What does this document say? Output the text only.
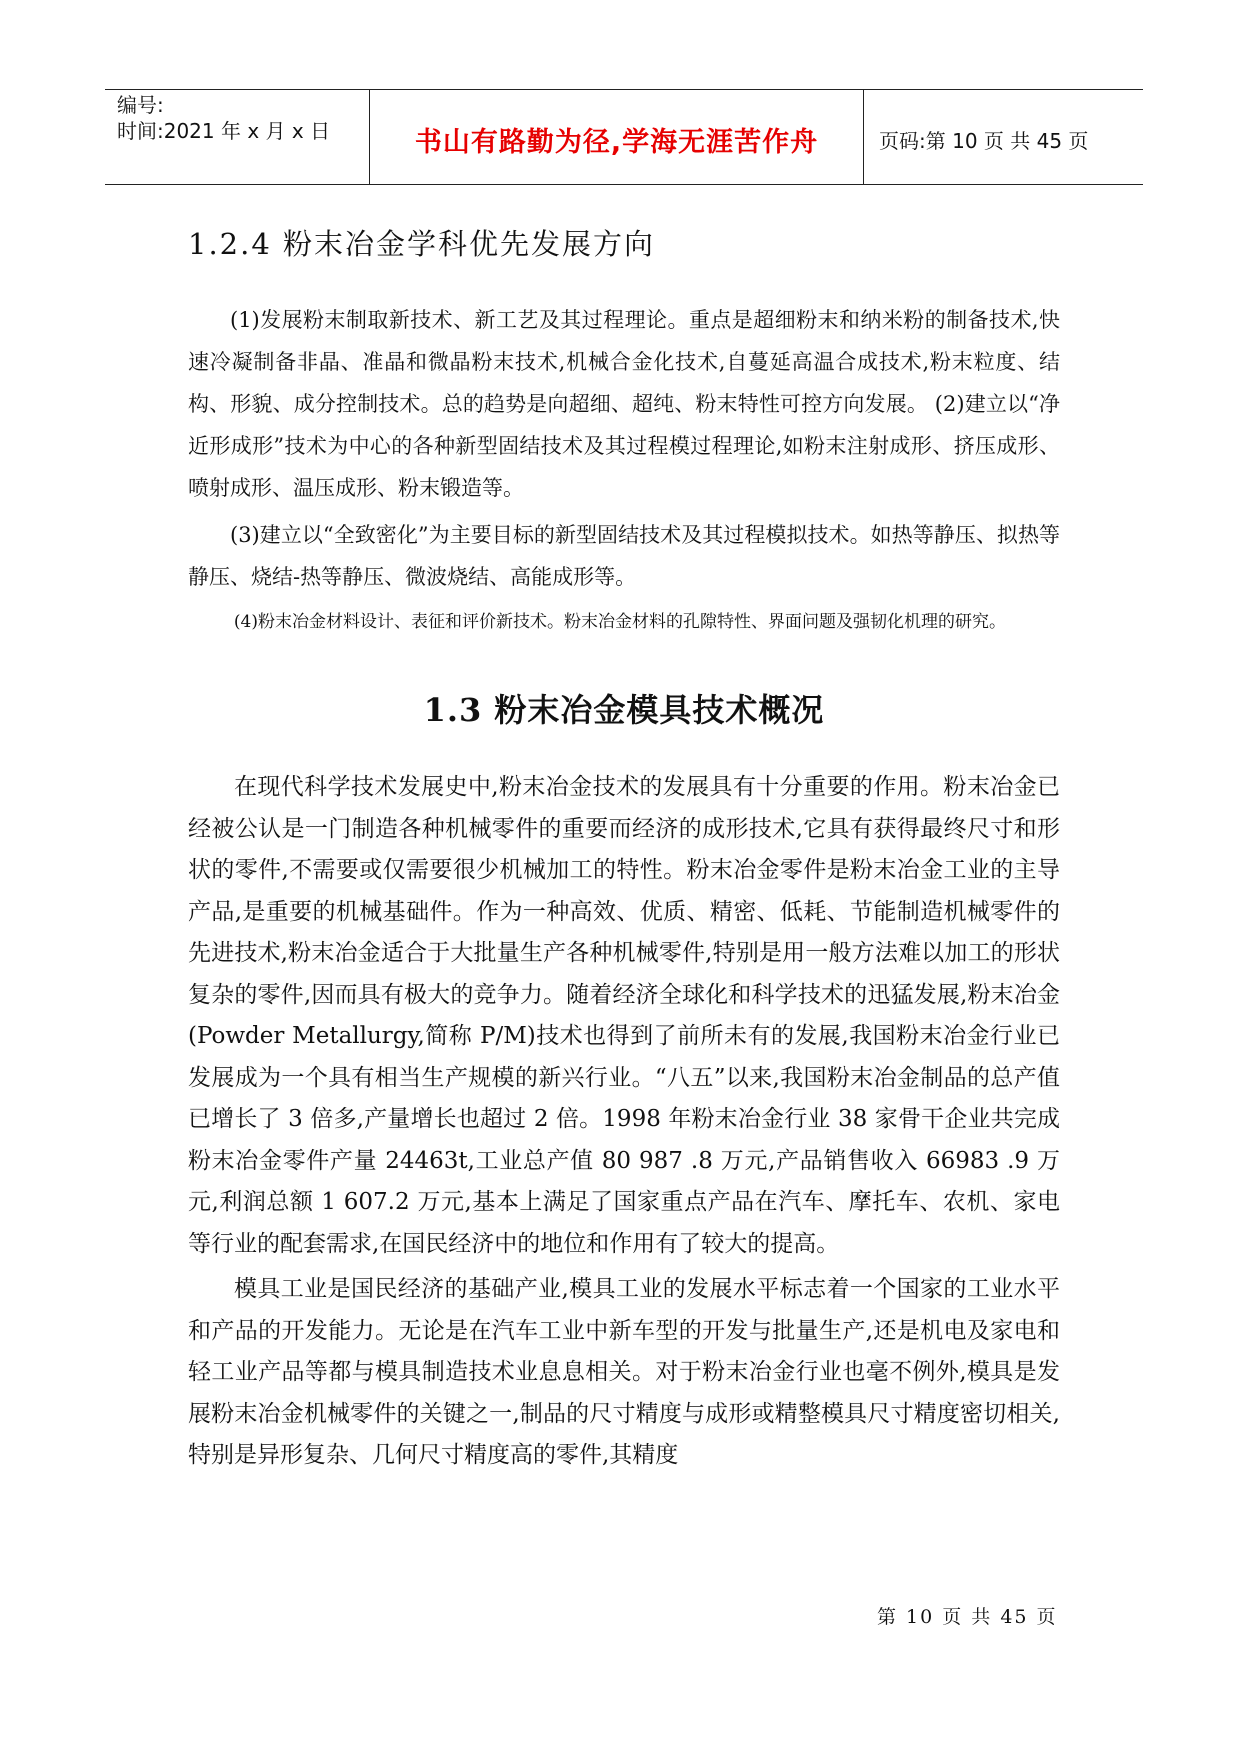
编号:
时间:2021 年 x 月 x 日	书山有路勤为径,学海无涯苦作舟	页码:第 10 页 共 45 页
1.2.4 粉末冶金学科优先发展方向

(1)发展粉末制取新技术、新工艺及其过程理论。重点是超细粉末和纳米粉的制备技术,快速冷凝制备非晶、准晶和微晶粉末技术,机械合金化技术,自蔓延高温合成技术,粉末粒度、结构、形貌、成分控制技术。总的趋势是向超细、超纯、粉末特性可控方向发展。 (2)建立以“净近形成形”技术为中心的各种新型固结技术及其过程模过程理论,如粉末注射成形、挤压成形、喷射成形、温压成形、粉末锻造等。

(3)建立以“全致密化”为主要目标的新型固结技术及其过程模拟技术。如热等静压、拟热等静压、烧结-热等静压、微波烧结、高能成形等。

(4)粉末冶金材料设计、表征和评价新技术。粉末冶金材料的孔隙特性、界面问题及强韧化机理的研究。

1.3 粉末冶金模具技术概况

在现代科学技术发展史中,粉末冶金技术的发展具有十分重要的作用。粉末冶金已经被公认是一门制造各种机械零件的重要而经济的成形技术,它具有获得最终尺寸和形状的零件,不需要或仅需要很少机械加工的特性。粉末冶金零件是粉末冶金工业的主导产品,是重要的机械基础件。作为一种高效、优质、精密、低耗、节能制造机械零件的先进技术,粉末冶金适合于大批量生产各种机械零件,特别是用一般方法难以加工的形状复杂的零件,因而具有极大的竞争力。随着经济全球化和科学技术的迅猛发展,粉末冶金(Powder Metallurgy,简称 P/M)技术也得到了前所未有的发展,我国粉末冶金行业已发展成为一个具有相当生产规模的新兴行业。“八五”以来,我国粉末冶金制品的总产值已增长了 3 倍多,产量增长也超过 2 倍。1998 年粉末冶金行业 38 家骨干企业共完成粉末冶金零件产量 24463t,工业总产值 80 987 .8 万元,产品销售收入 66983 .9 万元,利润总额 1 607.2 万元,基本上满足了国家重点产品在汽车、摩托车、农机、家电等行业的配套需求,在国民经济中的地位和作用有了较大的提高。

模具工业是国民经济的基础产业,模具工业的发展水平标志着一个国家的工业水平和产品的开发能力。无论是在汽车工业中新车型的开发与批量生产,还是机电及家电和轻工业产品等都与模具制造技术业息息相关。对于粉末冶金行业也毫不例外,模具是发展粉末冶金机械零件的关键之一,制品的尺寸精度与成形或精整模具尺寸精度密切相关,特别是异形复杂、几何尺寸精度高的零件,其精度

第 10 页 共 45 页
